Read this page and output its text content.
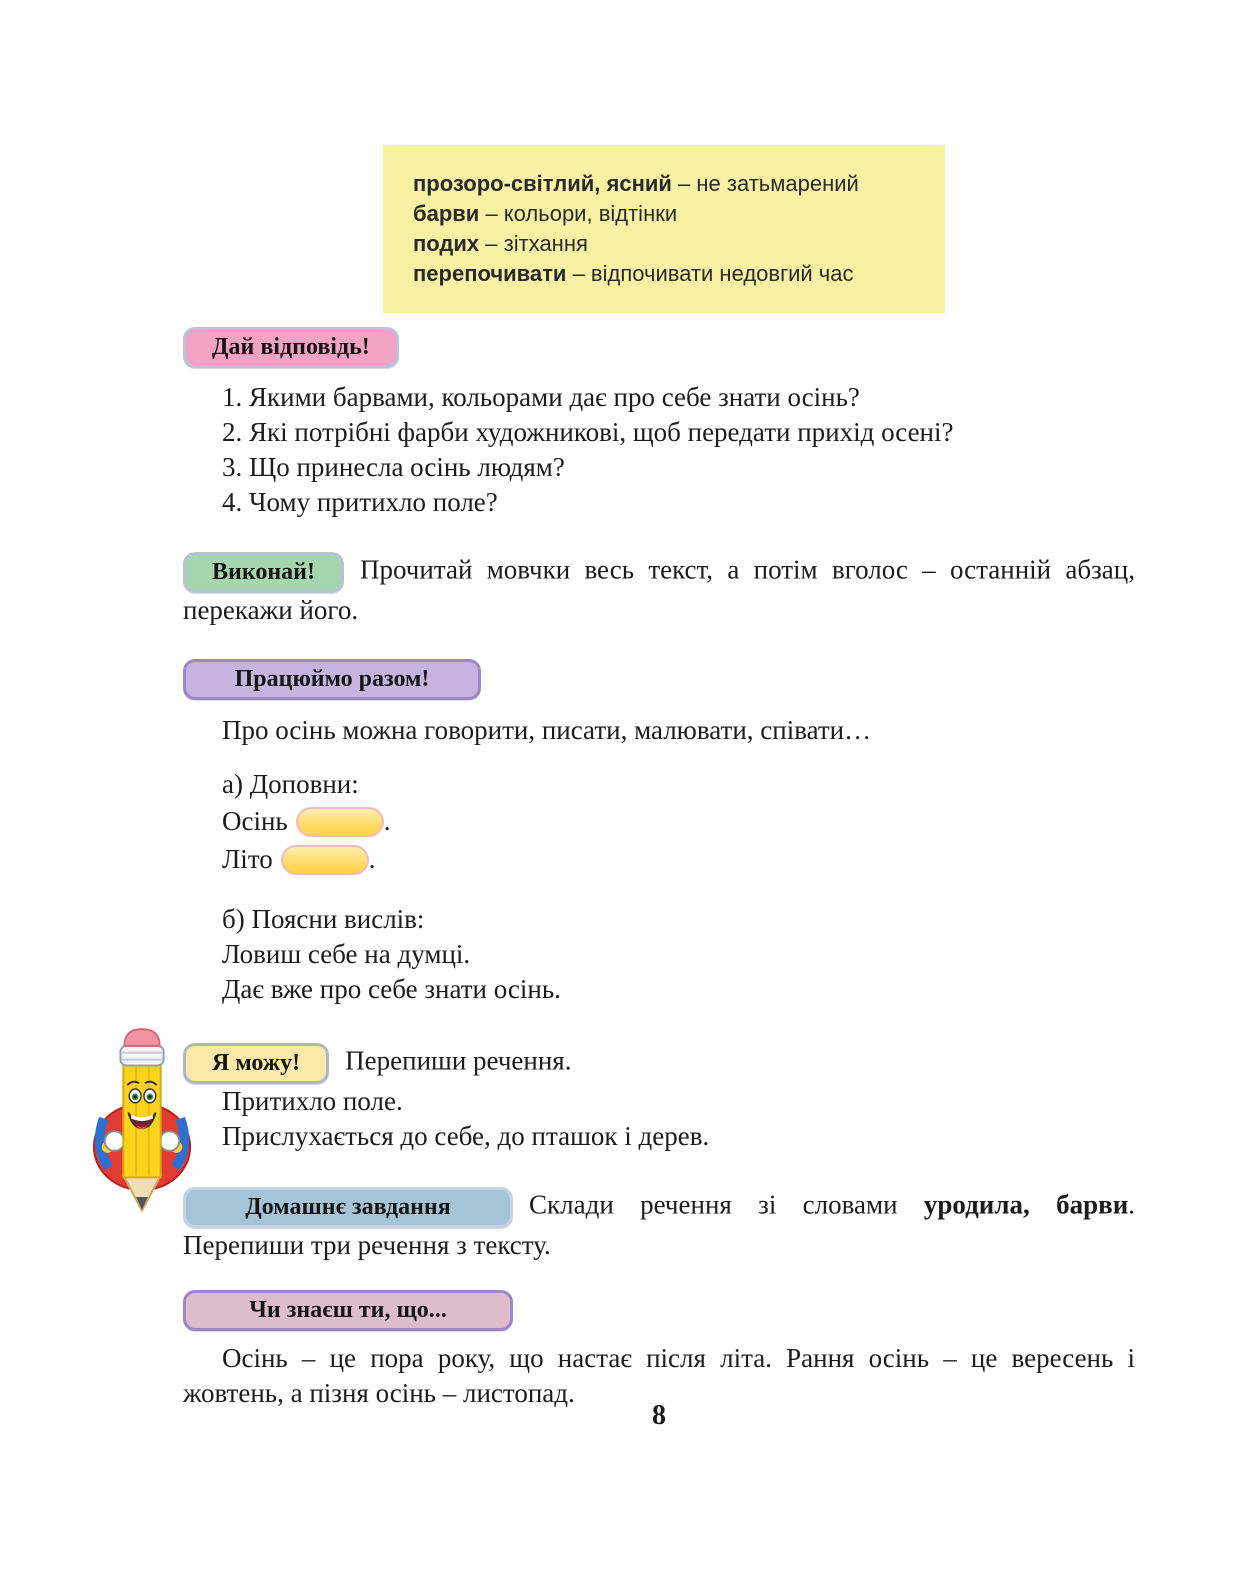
прозоро-світлий, ясний – не затьмарений
барви – кольори, відтінки
подих – зітхання
перепочивати – відпочивати недовгий час
Дай відповідь!
1. Якими барвами, кольорами дає про себе знати осінь?
2. Які потрібні фарби художникові, щоб передати прихід осені?
3. Що принесла осінь людям?
4. Чому притихло поле?

Виконай! Прочитай мовчки весь текст, а потім вголос – останній абзац, перекажи його.

Працюймо разом!

Про осінь можна говорити, писати, малювати, співати…

а) Доповни:

Осінь	.
Літо	.

б) Поясни вислів:

Ловиш себе на думці.

Дає вже про себе знати осінь.

Я можу! Перепиши речення.

Притихло поле.

Прислухається до себе, до пташок і дерев.

Домашнє завдання	Склади речення зі словами уродила, барви. Перепиши три речення з тексту.

Чи знаєш ти, що...

Осінь – це пора року, що настає після літа. Рання осінь – це вересень і жовтень, а пізня осінь – листопад.

8
